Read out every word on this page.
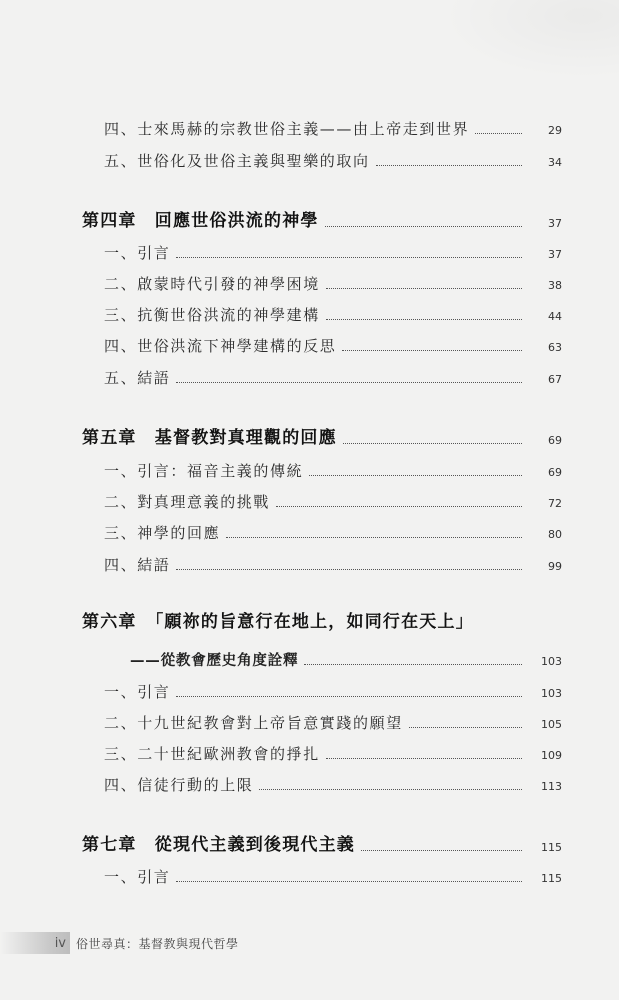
四、士來馬赫的宗教世俗主義——由上帝走到世界	29
五、世俗化及世俗主義與聖樂的取向	34
第四章　回應世俗洪流的神學	37
一、引言	37
二、啟蒙時代引發的神學困境	38
三、抗衡世俗洪流的神學建構	44
四、世俗洪流下神學建構的反思	63
五、結語	67
第五章　基督教對真理觀的回應	69
一、引言：福音主義的傳統	69
二、對真理意義的挑戰	72
三、神學的回應	80
四、結語	99
第六章　「願祢的旨意行在地上，如同行在天上」
——從教會歷史角度詮釋	103
一、引言	103
二、十九世紀教會對上帝旨意實踐的願望	105
三、二十世紀歐洲教會的掙扎	109
四、信徒行動的上限	113
第七章　從現代主義到後現代主義	115
一、引言	115
iv 俗世尋真：基督教與現代哲學
